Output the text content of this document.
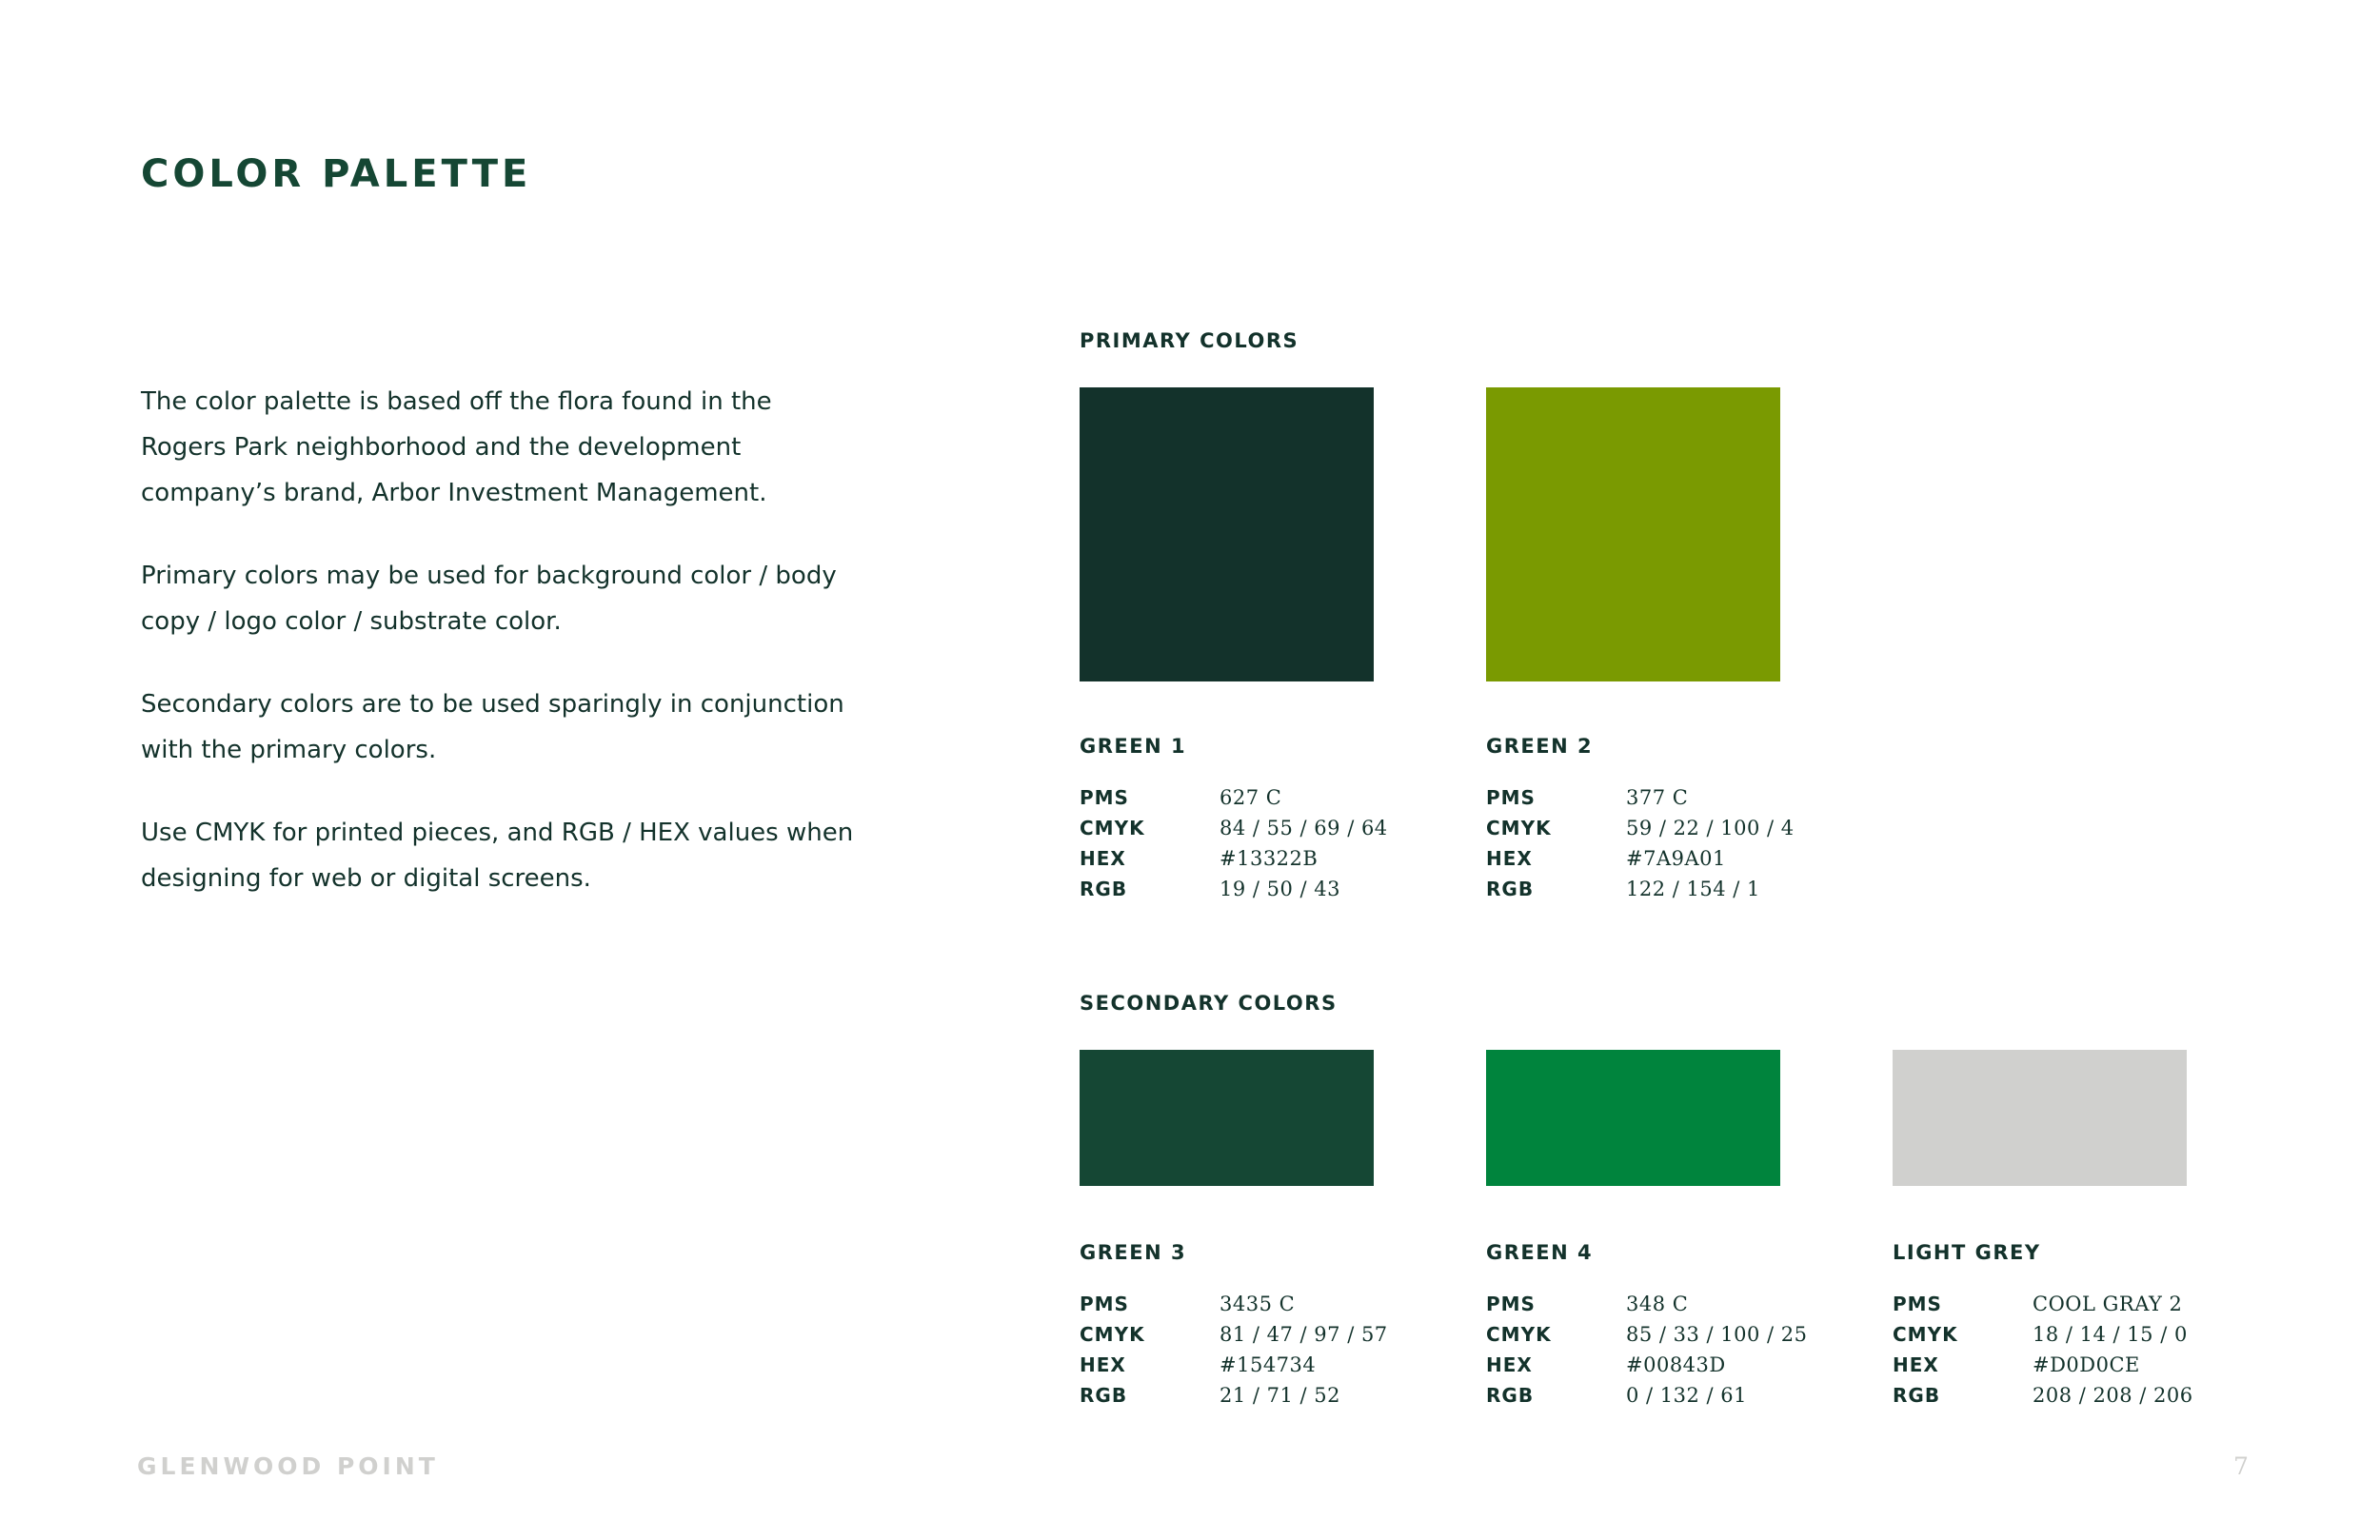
COLOR PALETTE

The color palette is based off the flora found in the Rogers Park neighborhood and the development company’s brand, Arbor Investment Management.

Primary colors may be used for background color / body copy / logo color / substrate color.

Secondary colors are to be used sparingly in conjunction with the primary colors.

Use CMYK for printed pieces, and RGB / HEX values when designing for web or digital screens.

PRIMARY COLORS
GREEN 1
PMS	627 C
CMYK	84 / 55 / 69 / 64
HEX	#13322B
RGB	19 / 50 / 43
GREEN 2
PMS	377 C
CMYK	59 / 22 / 100 / 4
HEX	#7A9A01
RGB	122 / 154 / 1
SECONDARY COLORS
GREEN 3
PMS	3435 C
CMYK	81 / 47 / 97 / 57
HEX	#154734
RGB	21 / 71 / 52
GREEN 4
PMS	348 C
CMYK	85 / 33 / 100 / 25
HEX	#00843D
RGB	0 / 132 / 61
LIGHT GREY
PMS	COOL GRAY 2
CMYK	18 / 14 / 15 / 0
HEX	#D0D0CE
RGB	208 / 208 / 206
GLENWOOD POINT	7
